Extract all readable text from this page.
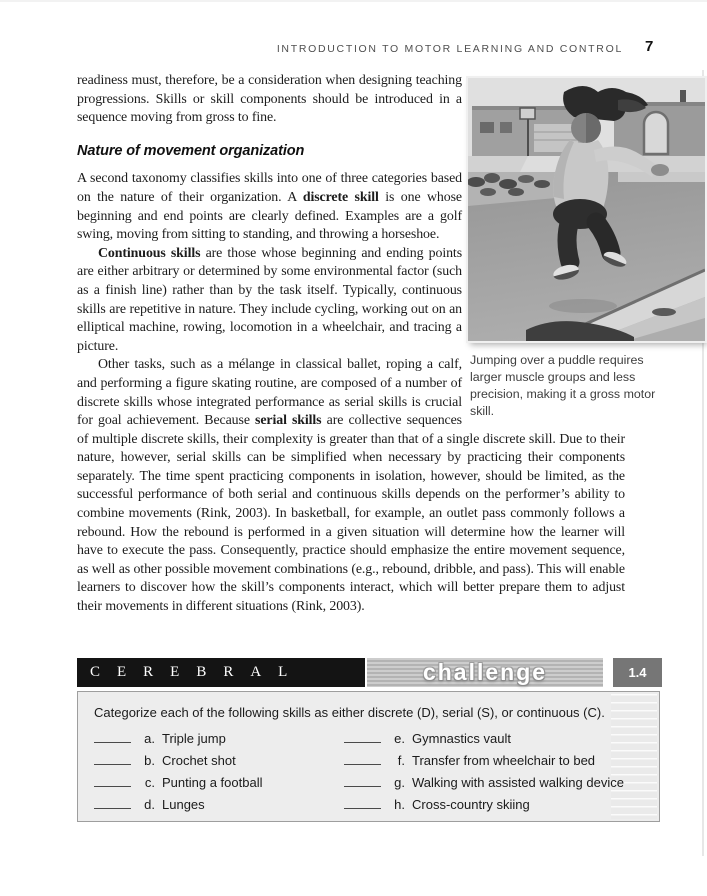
INTRODUCTION TO MOTOR LEARNING AND CONTROL 7
Jumping over a puddle requires larger muscle groups and less precision, making it a gross motor skill.

readiness must, therefore, be a consideration when designing teaching progressions. Skills or skill components should be introduced in a sequence moving from gross to fine.

Nature of movement organization

A second taxonomy classifies skills into one of three categories based on the nature of their organization. A discrete skill is one whose beginning and end points are clearly defined. Examples are a golf swing, moving from sitting to standing, and throwing a horseshoe.

Continuous skills are those whose beginning and ending points are either arbitrary or determined by some environmental factor (such as a finish line) rather than by the task itself. Typically, continuous skills are repetitive in nature. They include cycling, working out on an elliptical machine, rowing, locomotion in a wheelchair, and tracing a picture.

Other tasks, such as a mélange in classical ballet, roping a calf, and performing a figure skating routine, are composed of a number of discrete skills whose integrated performance as serial skills is crucial for goal achievement. Because serial skills are collective sequences of multiple discrete skills, their complexity is greater than that of a single discrete skill. Due to their nature, however, serial skills can be simplified when necessary by practicing their components separately. The time spent practicing components in isolation, however, should be limited, as the successful performance of both serial and continuous skills depends on the performer’s ability to combine movements (Rink, 2003). In basketball, for example, an outlet pass commonly follows a rebound. How the rebound is performed in a given situation will determine how the learner will have to execute the pass. Consequently, practice should emphasize the entire movement sequence, as well as other possible movement combinations (e.g., rebound, dribble, and pass). This will enable learners to discover how the skill’s components interact, which will better prepare them to adjust their movements in different situations (Rink, 2003).

CEREBRAL	challenge	1.4
Categorize each of the following skills as either discrete (D), serial (S), or continuous (C).
a. Triple jump
b. Crochet shot
c. Punting a football
d. Lunges
e. Gymnastics vault
f. Transfer from wheelchair to bed
g. Walking with assisted walking device
h. Cross-country skiing
